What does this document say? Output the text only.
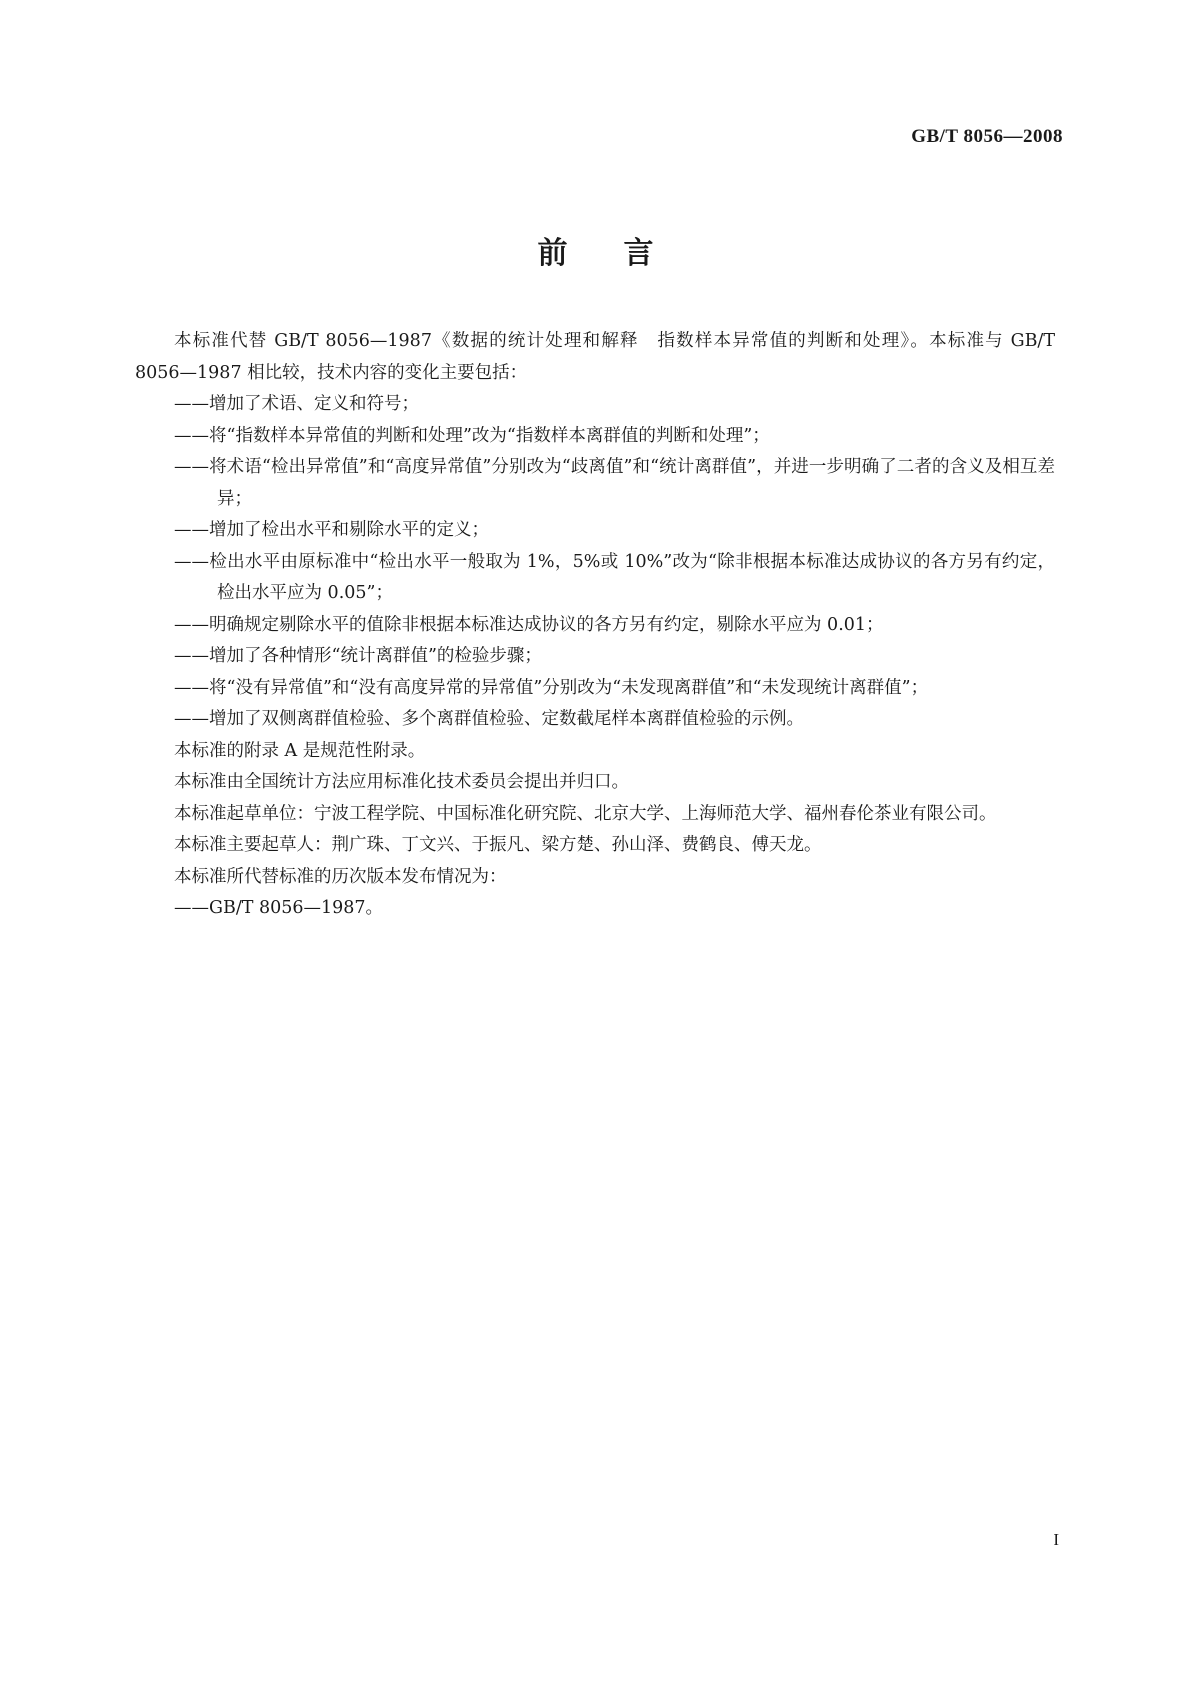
GB/T 8056—2008
前言

本标准代替 GB/T 8056—1987《数据的统计处理和解释　指数样本异常值的判断和处理》。本标准与 GB/T 8056—1987 相比较，技术内容的变化主要包括：

——增加了术语、定义和符号；

——将“指数样本异常值的判断和处理”改为“指数样本离群值的判断和处理”；

——将术语“检出异常值”和“高度异常值”分别改为“歧离值”和“统计离群值”，并进一步明确了二者的含义及相互差异；

——增加了检出水平和剔除水平的定义；

——检出水平由原标准中“检出水平一般取为 1%，5%或 10%”改为“除非根据本标准达成协议的各方另有约定，检出水平应为 0.05”；

——明确规定剔除水平的值除非根据本标准达成协议的各方另有约定，剔除水平应为 0.01；

——增加了各种情形“统计离群值”的检验步骤；

——将“没有异常值”和“没有高度异常的异常值”分别改为“未发现离群值”和“未发现统计离群值”；

——增加了双侧离群值检验、多个离群值检验、定数截尾样本离群值检验的示例。

本标准的附录 A 是规范性附录。

本标准由全国统计方法应用标准化技术委员会提出并归口。

本标准起草单位：宁波工程学院、中国标准化研究院、北京大学、上海师范大学、福州春伦茶业有限公司。

本标准主要起草人：荆广珠、丁文兴、于振凡、梁方楚、孙山泽、费鹤良、傅天龙。

本标准所代替标准的历次版本发布情况为：

——GB/T 8056—1987。

I
